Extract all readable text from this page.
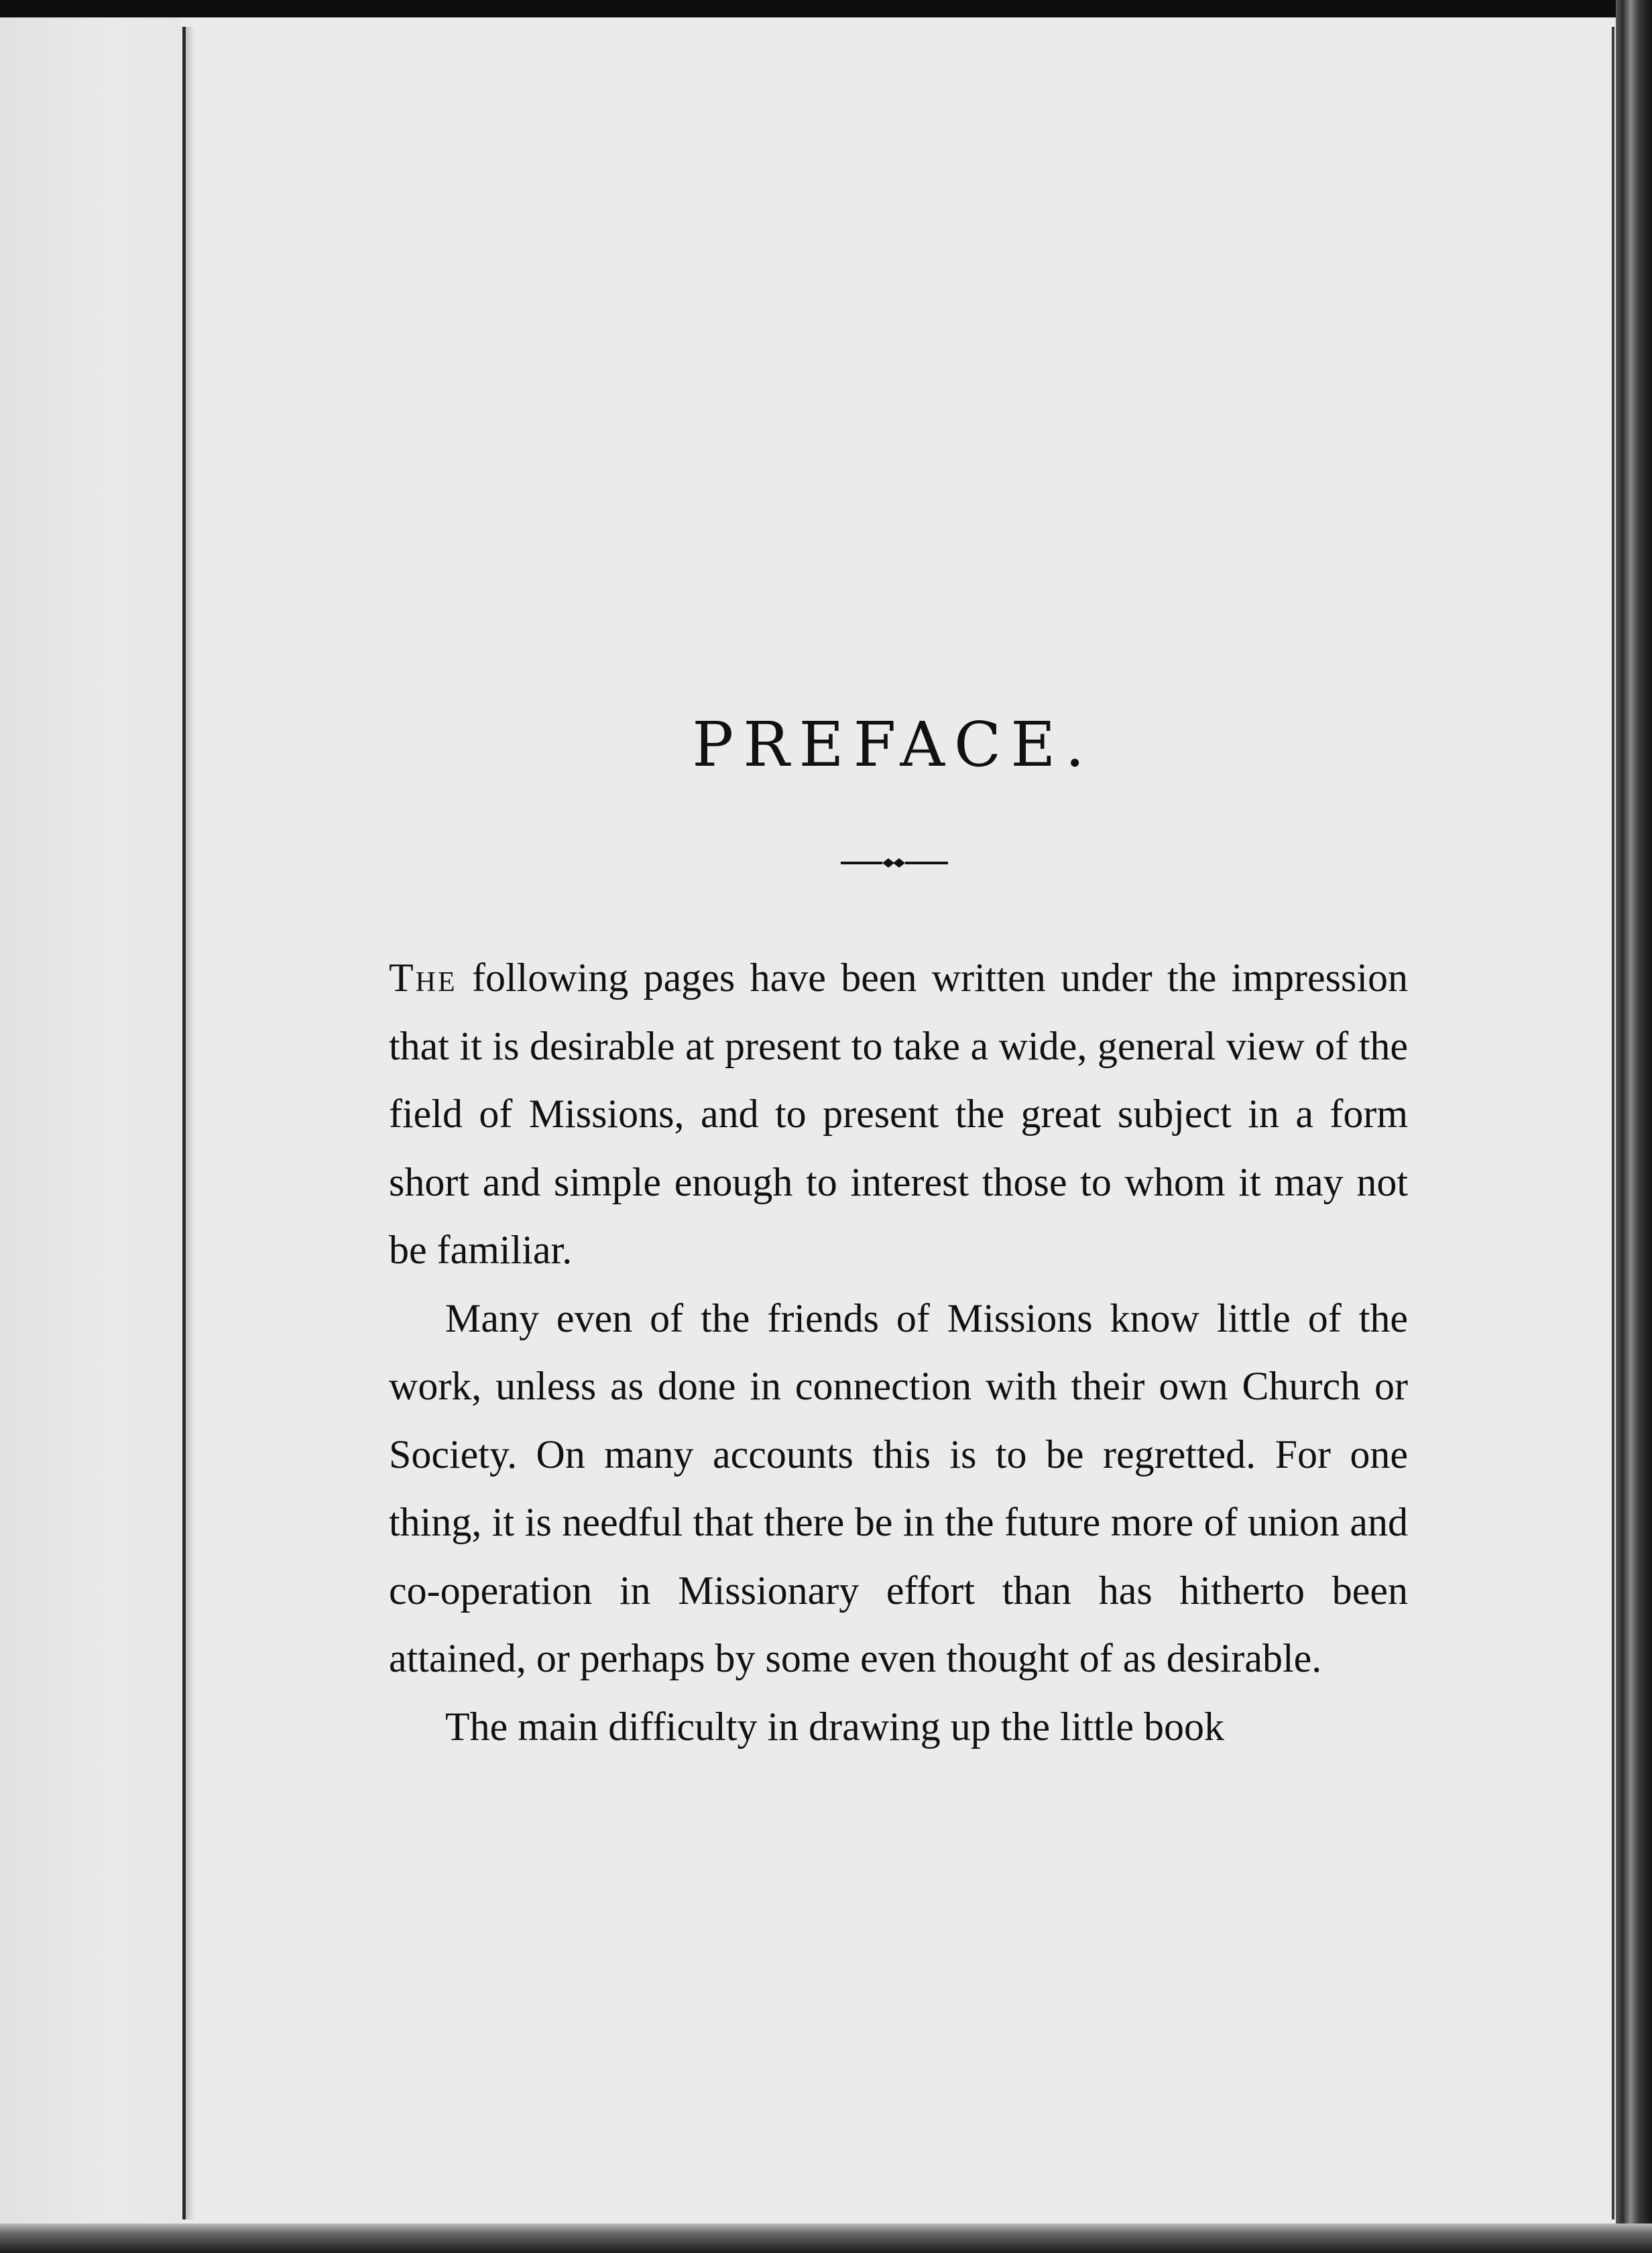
PREFACE.

The following pages have been written under the impression that it is desirable at present to take a wide, general view of the field of Missions, and to present the great subject in a form short and simple enough to interest those to whom it may not be familiar.

Many even of the friends of Missions know little of the work, unless as done in connection with their own Church or Society. On many accounts this is to be regretted. For one thing, it is needful that there be in the future more of union and co-operation in Missionary effort than has hitherto been attained, or perhaps by some even thought of as desirable.

The main difficulty in drawing up the little book
